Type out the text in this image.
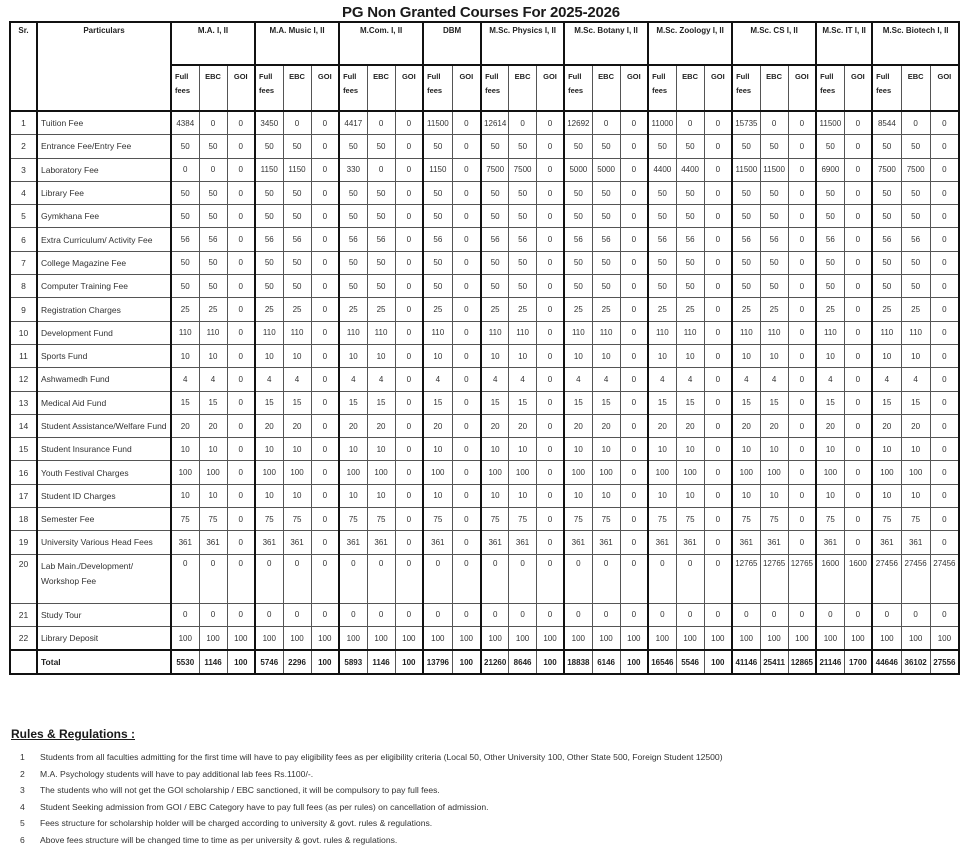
PG Non Granted Courses For 2025-2026
Sr.	Particulars	M.A. I, II			M.A. Music I, II			M.Com. I, II			DBM		M.Sc. Physics I, II			M.Sc. Botany I, II			M.Sc. Zoology I, II			M.Sc. CS I, II			M.Sc. IT I, II		M.Sc. Biotech I, II		
		Full fees	EBC	GOI	Full fees	EBC	GOI	Full fees	EBC	GOI	Full fees	GOI	Full fees	EBC	GOI	Full fees	EBC	GOI	Full fees	EBC	GOI	Full fees	EBC	GOI	Full fees	GOI	Full fees	EBC	GOI
1	Tuition Fee	4384	0	0	3450	0	0	4417	0	0	11500	0	12614	0	0	12692	0	0	11000	0	0	15735	0	0	11500	0	8544	0	0
2	Entrance Fee/Entry Fee	50	50	0	50	50	0	50	50	0	50	0	50	50	0	50	50	0	50	50	0	50	50	0	50	0	50	50	0
3	Laboratory Fee	0	0	0	1150	1150	0	330	0	0	1150	0	7500	7500	0	5000	5000	0	4400	4400	0	11500	11500	0	6900	0	7500	7500	0
4	Library Fee	50	50	0	50	50	0	50	50	0	50	0	50	50	0	50	50	0	50	50	0	50	50	0	50	0	50	50	0
5	Gymkhana Fee	50	50	0	50	50	0	50	50	0	50	0	50	50	0	50	50	0	50	50	0	50	50	0	50	0	50	50	0
6	Extra Curriculum/ Activity Fee	56	56	0	56	56	0	56	56	0	56	0	56	56	0	56	56	0	56	56	0	56	56	0	56	0	56	56	0
7	College Magazine Fee	50	50	0	50	50	0	50	50	0	50	0	50	50	0	50	50	0	50	50	0	50	50	0	50	0	50	50	0
8	Computer Training Fee	50	50	0	50	50	0	50	50	0	50	0	50	50	0	50	50	0	50	50	0	50	50	0	50	0	50	50	0
9	Registration Charges	25	25	0	25	25	0	25	25	0	25	0	25	25	0	25	25	0	25	25	0	25	25	0	25	0	25	25	0
10	Development Fund	110	110	0	110	110	0	110	110	0	110	0	110	110	0	110	110	0	110	110	0	110	110	0	110	0	110	110	0
11	Sports Fund	10	10	0	10	10	0	10	10	0	10	0	10	10	0	10	10	0	10	10	0	10	10	0	10	0	10	10	0
12	Ashwamedh Fund	4	4	0	4	4	0	4	4	0	4	0	4	4	0	4	4	0	4	4	0	4	4	0	4	0	4	4	0
13	Medical Aid Fund	15	15	0	15	15	0	15	15	0	15	0	15	15	0	15	15	0	15	15	0	15	15	0	15	0	15	15	0
14	Student Assistance/Welfare Fund	20	20	0	20	20	0	20	20	0	20	0	20	20	0	20	20	0	20	20	0	20	20	0	20	0	20	20	0
15	Student Insurance Fund	10	10	0	10	10	0	10	10	0	10	0	10	10	0	10	10	0	10	10	0	10	10	0	10	0	10	10	0
16	Youth Festival Charges	100	100	0	100	100	0	100	100	0	100	0	100	100	0	100	100	0	100	100	0	100	100	0	100	0	100	100	0
17	Student ID Charges	10	10	0	10	10	0	10	10	0	10	0	10	10	0	10	10	0	10	10	0	10	10	0	10	0	10	10	0
18	Semester Fee	75	75	0	75	75	0	75	75	0	75	0	75	75	0	75	75	0	75	75	0	75	75	0	75	0	75	75	0
19	University Various Head Fees	361	361	0	361	361	0	361	361	0	361	0	361	361	0	361	361	0	361	361	0	361	361	0	361	0	361	361	0
20	Lab Main./Development/ Workshop Fee	0	0	0	0	0	0	0	0	0	0	0	0	0	0	0	0	0	0	0	0	12765	12765	12765	1600	1600	27456	27456	27456
21	Study Tour	0	0	0	0	0	0	0	0	0	0	0	0	0	0	0	0	0	0	0	0	0	0	0	0	0	0	0	0
22	Library Deposit	100	100	100	100	100	100	100	100	100	100	100	100	100	100	100	100	100	100	100	100	100	100	100	100	100	100	100	100
	Total	5530	1146	100	5746	2296	100	5893	1146	100	13796	100	21260	8646	100	18838	6146	100	16546	5546	100	41146	25411	12865	21146	1700	44646	36102	27556
Rules & Regulations :
1 Students from all faculties admitting for the first time will have to pay eligibility fees as per eligibility criteria (Local 50, Other University 100, Other State 500, Foreign Student 12500)
2 M.A. Psychology students will have to pay additional lab fees Rs.1100/-.
3 The students who will not get the GOI scholarship / EBC sanctioned, it will be compulsory to pay full fees.
4 Student Seeking admission from GOI / EBC Category have to pay full fees (as per rules) on cancellation of admission.
5 Fees structure for scholarship holder will be charged according to university & govt. rules & regulations.
6 Above fees structure will be changed time to time as per university & govt. rules & regulations.
